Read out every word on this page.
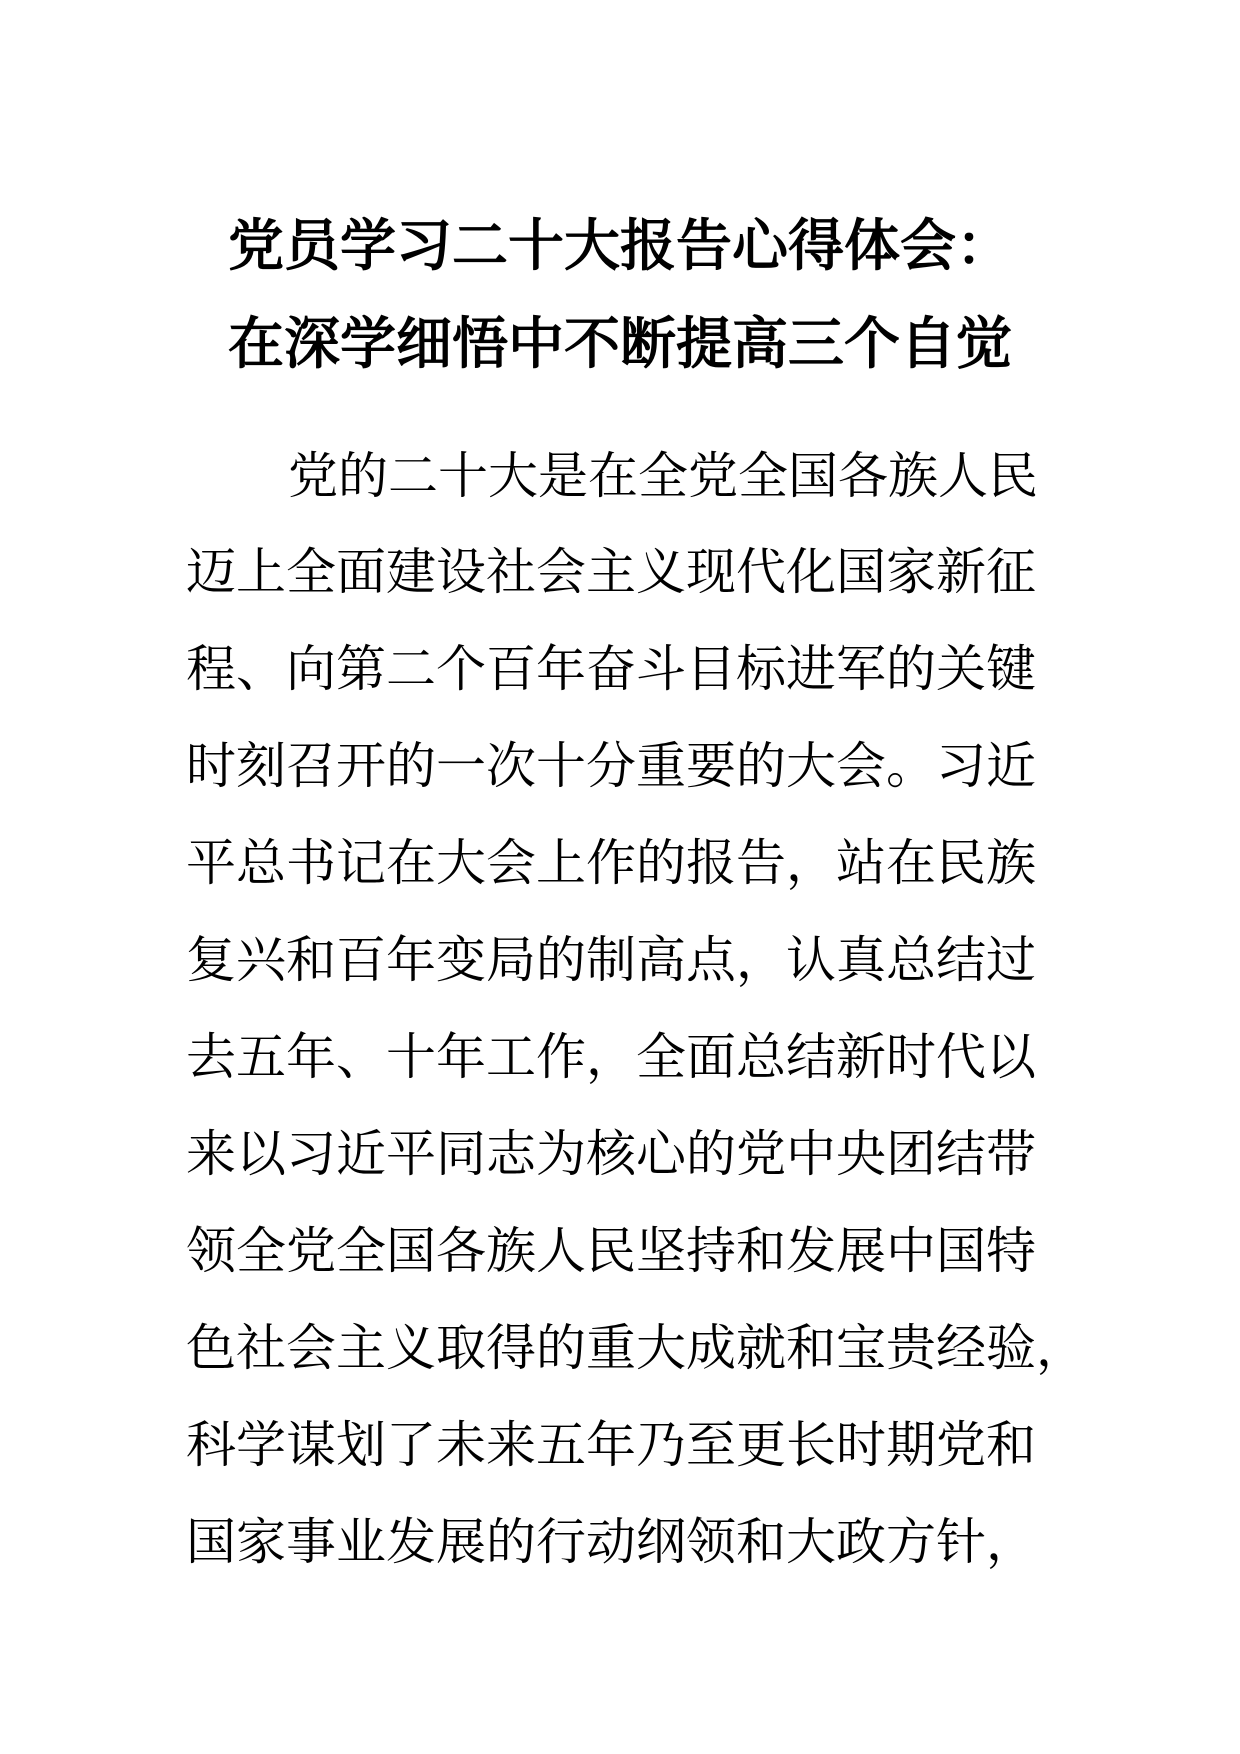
党员学习二十大报告心得体会：
在深学细悟中不断提高三个自觉

党的二十大是在全党全国各族人民

迈上全面建设社会主义现代化国家新征

程、向第二个百年奋斗目标进军的关键

时刻召开的一次十分重要的大会。习近

平总书记在大会上作的报告，站在民族

复兴和百年变局的制高点，认真总结过

去五年、十年工作，全面总结新时代以

来以习近平同志为核心的党中央团结带

领全党全国各族人民坚持和发展中国特

色社会主义取得的重大成就和宝贵经验，

科学谋划了未来五年乃至更长时期党和

国家事业发展的行动纲领和大政方针，
